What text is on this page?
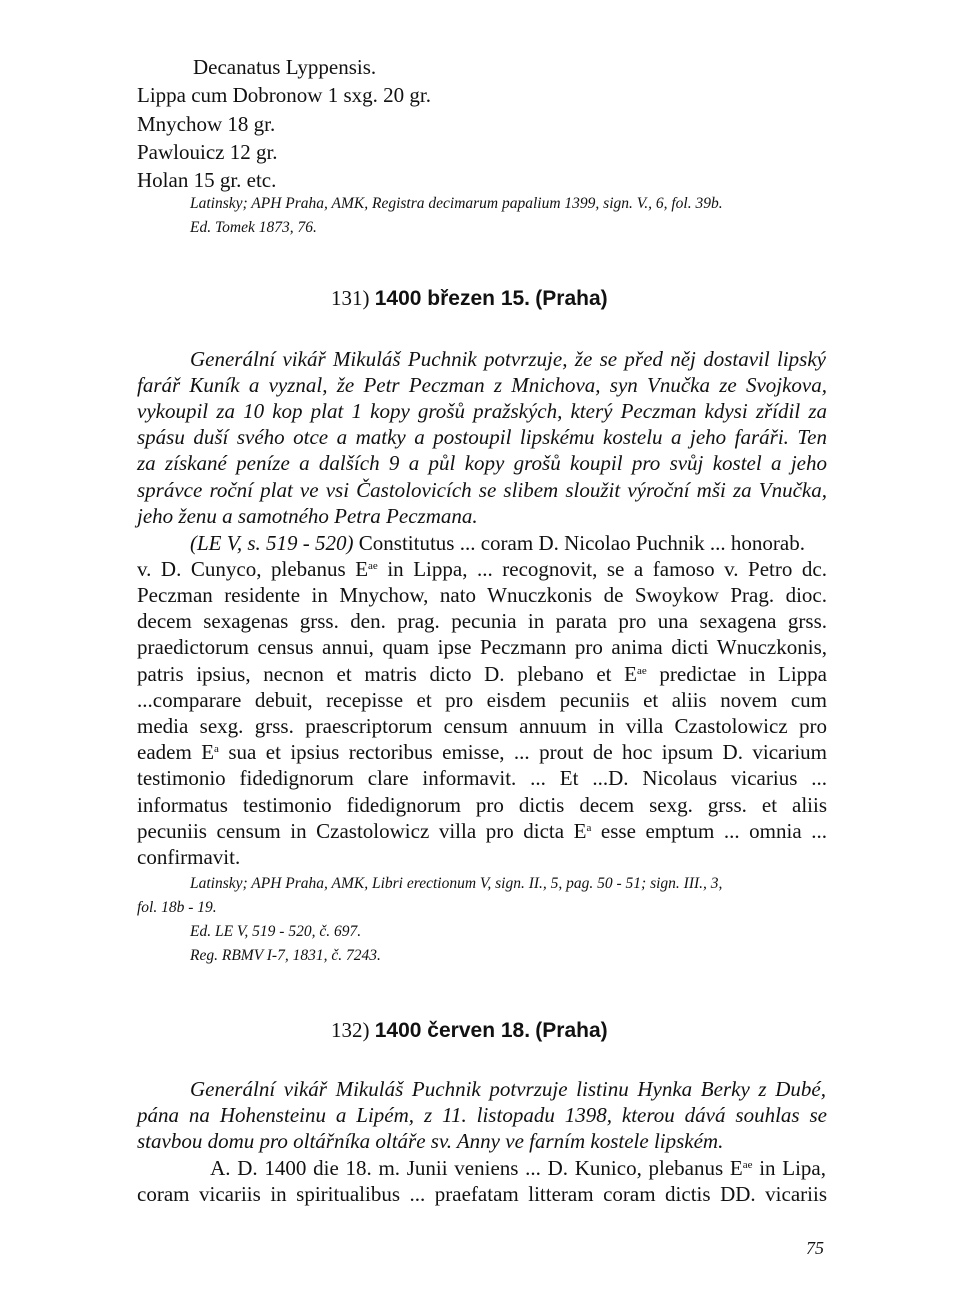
Decanatus Lyppensis.
Lippa cum Dobronow 1 sxg. 20 gr.
Mnychow 18 gr.
Pawlouicz 12 gr.
Holan 15 gr. etc.
Latinsky; APH Praha, AMK, Registra decimarum papalium 1399, sign. V., 6, fol. 39b.
Ed. Tomek 1873, 76.
131) 1400 březen 15. (Praha)
Generální vikář Mikuláš Puchnik potvrzuje, že se před něj dostavil lipský
farář Kuník a vyznal, že Petr Peczman z Mnichova, syn Vnučka ze Svojkova,
vykoupil za 10 kop plat 1 kopy grošů pražských, který Peczman kdysi zřídil za
spásu duší svého otce a matky a postoupil lipskému kostelu a jeho faráři. Ten
za získané peníze a dalších 9 a půl kopy grošů koupil pro svůj kostel a jeho
správce roční plat ve vsi Častolovicích se slibem sloužit výroční mši za Vnučka,
jeho ženu a samotného Petra Peczmana.
(LE V, s. 519 - 520) Constitutus ... coram D. Nicolao Puchnik ... honorab.
v. D. Cunyco, plebanus $E^{ae}$ in Lippa, ... recognovit, se a famoso v. Petro dc.
Peczman residente in Mnychow, nato Wnuczkonis de Swoykow Prag. dioc.
decem sexagenas grss. den. prag. pecunia in parata pro una sexagena grss.
praedictorum census annui, quam ipse Peczmann pro anima dicti Wnuczkonis,
patris ipsius, necnon et matris dicto D. plebano et $E^{ae}$ predictae in Lippa
...comparare debuit, recepisse et pro eisdem pecuniis et aliis novem cum
media sexg. grss. praescriptorum censum annuum in villa Czastolowicz pro
eadem $E^a$ sua et ipsius rectoribus emisse, ... prout de hoc ipsum D. vicarium
testimonio fidedignorum clare informavit. ... Et ...D. Nicolaus vicarius ...
informatus testimonio fidedignorum pro dictis decem sexg. grss. et aliis
pecuniis censum in Czastolowicz villa pro dicta $E^a$ esse emptum ... omnia ...
confirmavit.
Latinsky; APH Praha, AMK, Libri erectionum V, sign. II., 5, pag. 50 - 51; sign. III., 3,
fol. 18b - 19.
Ed. LE V, 519 - 520, č. 697.
Reg. RBMV I-7, 1831, č. 7243.
132) 1400 červen 18. (Praha)
Generální vikář Mikuláš Puchnik potvrzuje listinu Hynka Berky z Dubé,
pána na Hohensteinu a Lipém, z 11. listopadu 1398, kterou dává souhlas se
stavbou domu pro oltářníka oltáře sv. Anny ve farním kostele lipském.
A. D. 1400 die 18. m. Junii veniens ... D. Kunico, plebanus $E^{ae}$ in Lipa,
coram vicariis in spiritualibus ... praefatam litteram coram dictis DD. vicariis
75
